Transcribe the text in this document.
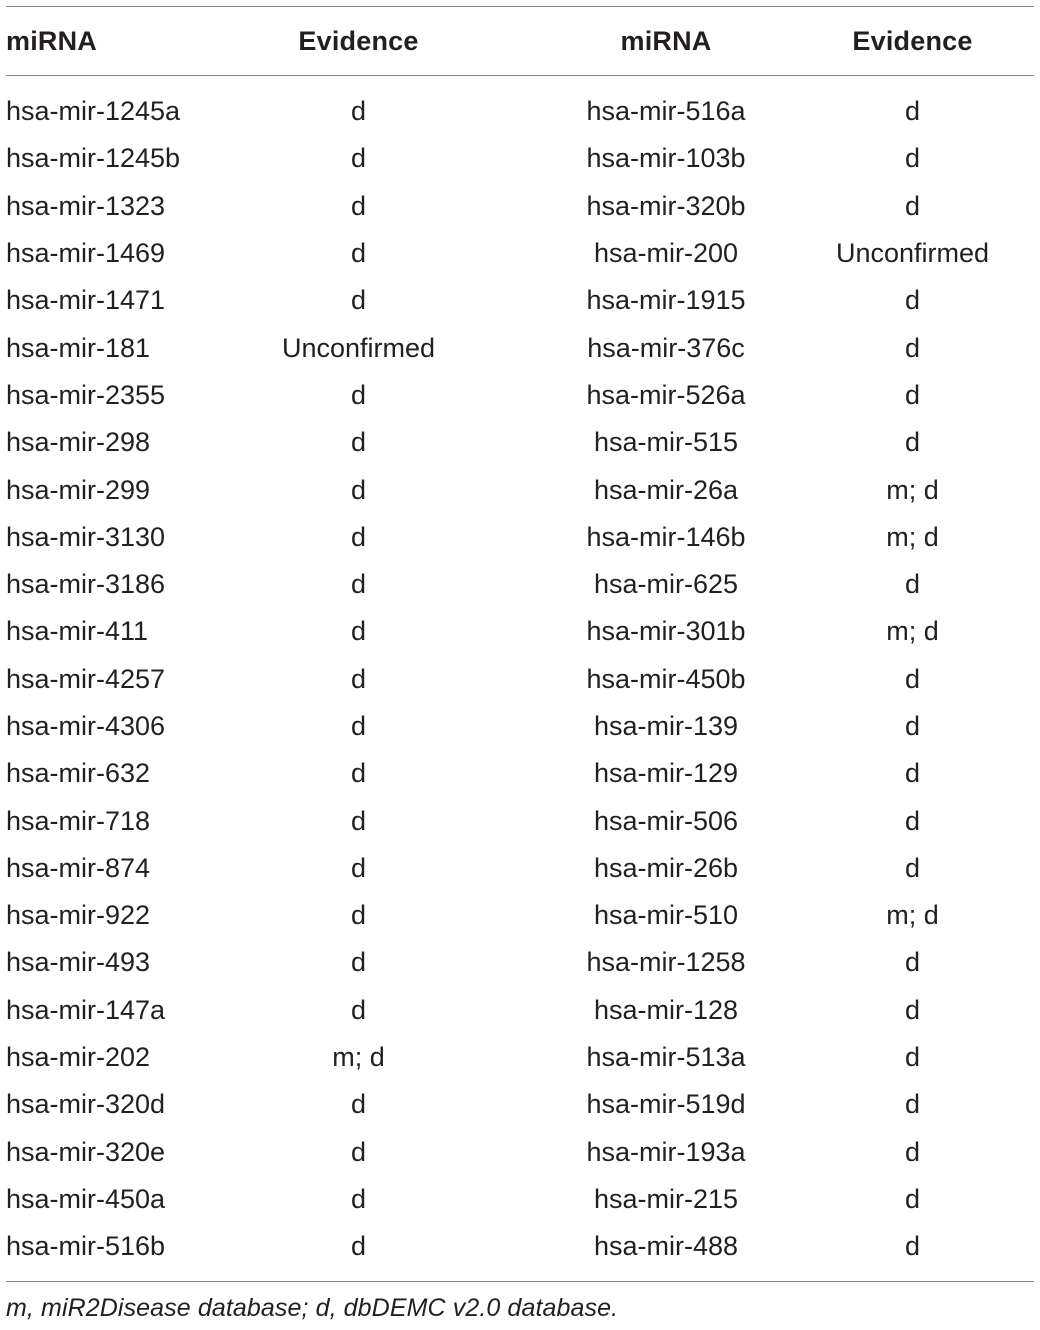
miRNA	Evidence	miRNA	Evidence

hsa-mir-1245a	d	hsa-mir-516a	d
hsa-mir-1245b	d	hsa-mir-103b	d
hsa-mir-1323	d	hsa-mir-320b	d
hsa-mir-1469	d	hsa-mir-200	Unconfirmed
hsa-mir-1471	d	hsa-mir-1915	d
hsa-mir-181	Unconfirmed	hsa-mir-376c	d
hsa-mir-2355	d	hsa-mir-526a	d
hsa-mir-298	d	hsa-mir-515	d
hsa-mir-299	d	hsa-mir-26a	m; d
hsa-mir-3130	d	hsa-mir-146b	m; d
hsa-mir-3186	d	hsa-mir-625	d
hsa-mir-411	d	hsa-mir-301b	m; d
hsa-mir-4257	d	hsa-mir-450b	d
hsa-mir-4306	d	hsa-mir-139	d
hsa-mir-632	d	hsa-mir-129	d
hsa-mir-718	d	hsa-mir-506	d
hsa-mir-874	d	hsa-mir-26b	d
hsa-mir-922	d	hsa-mir-510	m; d
hsa-mir-493	d	hsa-mir-1258	d
hsa-mir-147a	d	hsa-mir-128	d
hsa-mir-202	m; d	hsa-mir-513a	d
hsa-mir-320d	d	hsa-mir-519d	d
hsa-mir-320e	d	hsa-mir-193a	d
hsa-mir-450a	d	hsa-mir-215	d
hsa-mir-516b	d	hsa-mir-488	d
m, miR2Disease database; d, dbDEMC v2.0 database.
